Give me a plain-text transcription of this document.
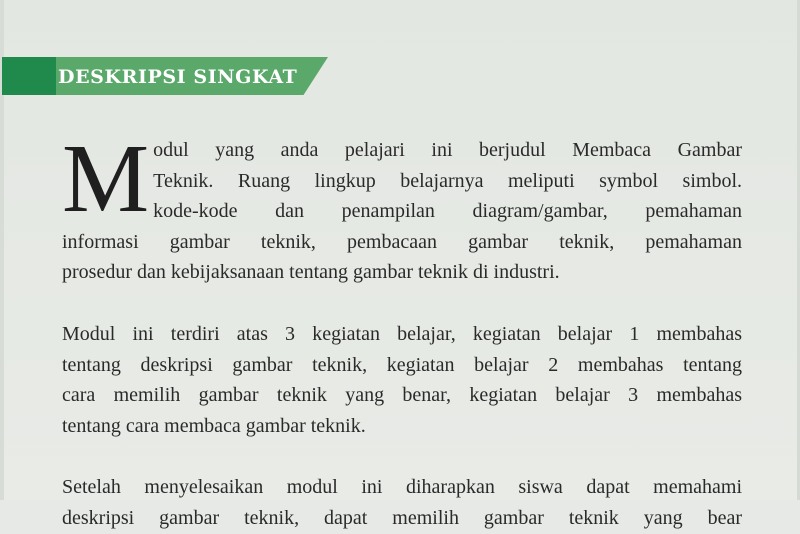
DESKRIPSI SINGKAT

M odul yang anda pelajari ini berjudul Membaca Gambar
Teknik. Ruang lingkup belajarnya meliputi symbol simbol.
kode-kode dan penampilan diagram/gambar, pemahaman
informasi gambar teknik, pembacaan gambar teknik, pemahaman
prosedur dan kebijaksanaan tentang gambar teknik di industri.

Modul ini terdiri atas 3 kegiatan belajar, kegiatan belajar 1 membahas
tentang deskripsi gambar teknik, kegiatan belajar 2 membahas tentang
cara memilih gambar teknik yang benar, kegiatan belajar 3 membahas
tentang cara membaca gambar teknik.

Setelah menyelesaikan modul ini diharapkan siswa dapat memahami
deskripsi gambar teknik, dapat memilih gambar teknik yang bear
